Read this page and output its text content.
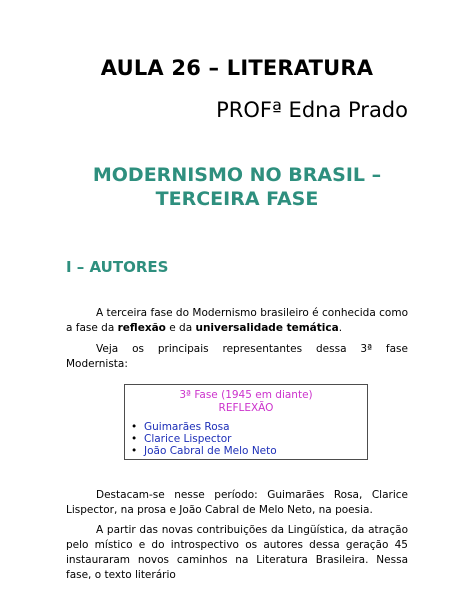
AULA 26 – LITERATURA
PROFª Edna Prado
MODERNISMO NO BRASIL –
TERCEIRA FASE
I – AUTORES
A terceira fase do Modernismo brasileiro é conhecida como a fase da reflexão e da universalidade temática.
Veja os principais representantes dessa 3ª fase Modernista:
3ª Fase (1945 em diante)
REFLEXÃO
• Guimarães Rosa
• Clarice Lispector
• João Cabral de Melo Neto
Destacam-se nesse período: Guimarães Rosa, Clarice Lispector, na prosa e João Cabral de Melo Neto, na poesia.
A partir das novas contribuições da Lingüística, da atração pelo místico e do introspectivo os autores dessa geração 45 instauraram novos caminhos na Literatura Brasileira. Nessa fase, o texto literário
